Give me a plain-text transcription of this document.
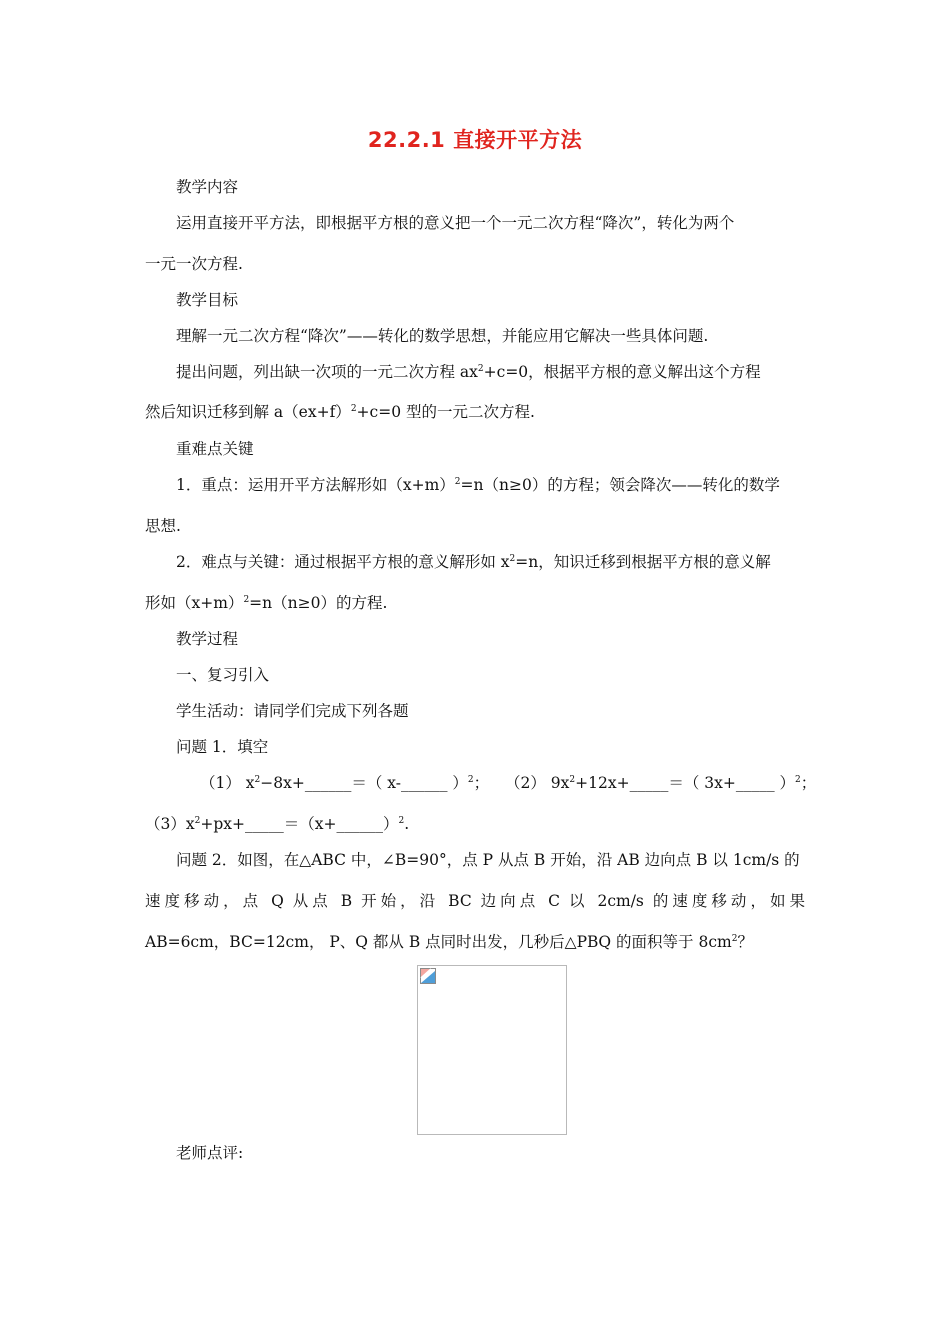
22.2.1 直接开平方法
教学内容
运用直接开平方法，即根据平方根的意义把一个一元二次方程“降次”，转化为两个
一元一次方程.
教学目标
理解一元二次方程“降次”——转化的数学思想，并能应用它解决一些具体问题.
提出问题，列出缺一次项的一元二次方程 $ax^2+c=0$，根据平方根的意义解出这个方程
然后知识迁移到解 $a(ex+f)^2+c=0$ 型的一元二次方程.
重难点关键
1．重点：运用开平方法解形如$(x+m)^2=n(n\ge 0)$的方程；领会降次——转化的数学
思想.
2．难点与关键：通过根据平方根的意义解形如 $x^2=n$，知识迁移到根据平方根的意义解
形如$(x+m)^2=n(n\ge 0)$的方程.
教学过程
一、复习引入
学生活动：请同学们完成下列各题
问题 1．填空
（1） $x^2-8x+\_\_\_\_\_\_=$（ x-______ ）$^2$； （2） $9x^2+12x+\_\_\_\_\_=$（ 3x+_____ ）$^2$；
$(3)x^2+px+\_\_\_\_\_=(x+\_\_\_\_\_\_)^2$.
问题 2．如图，在△ABC 中，∠B=90°，点 P 从点 B 开始，沿 AB 边向点 B 以 1cm/s 的
速度移动，点 Q 从点 B 开始，沿 BC 边向点 C 以 2cm/s 的速度移动，如果
AB=6cm，BC=12cm， P、Q 都从 B 点同时出发，几秒后△PBQ 的面积等于 $8cm^2$？
老师点评:
